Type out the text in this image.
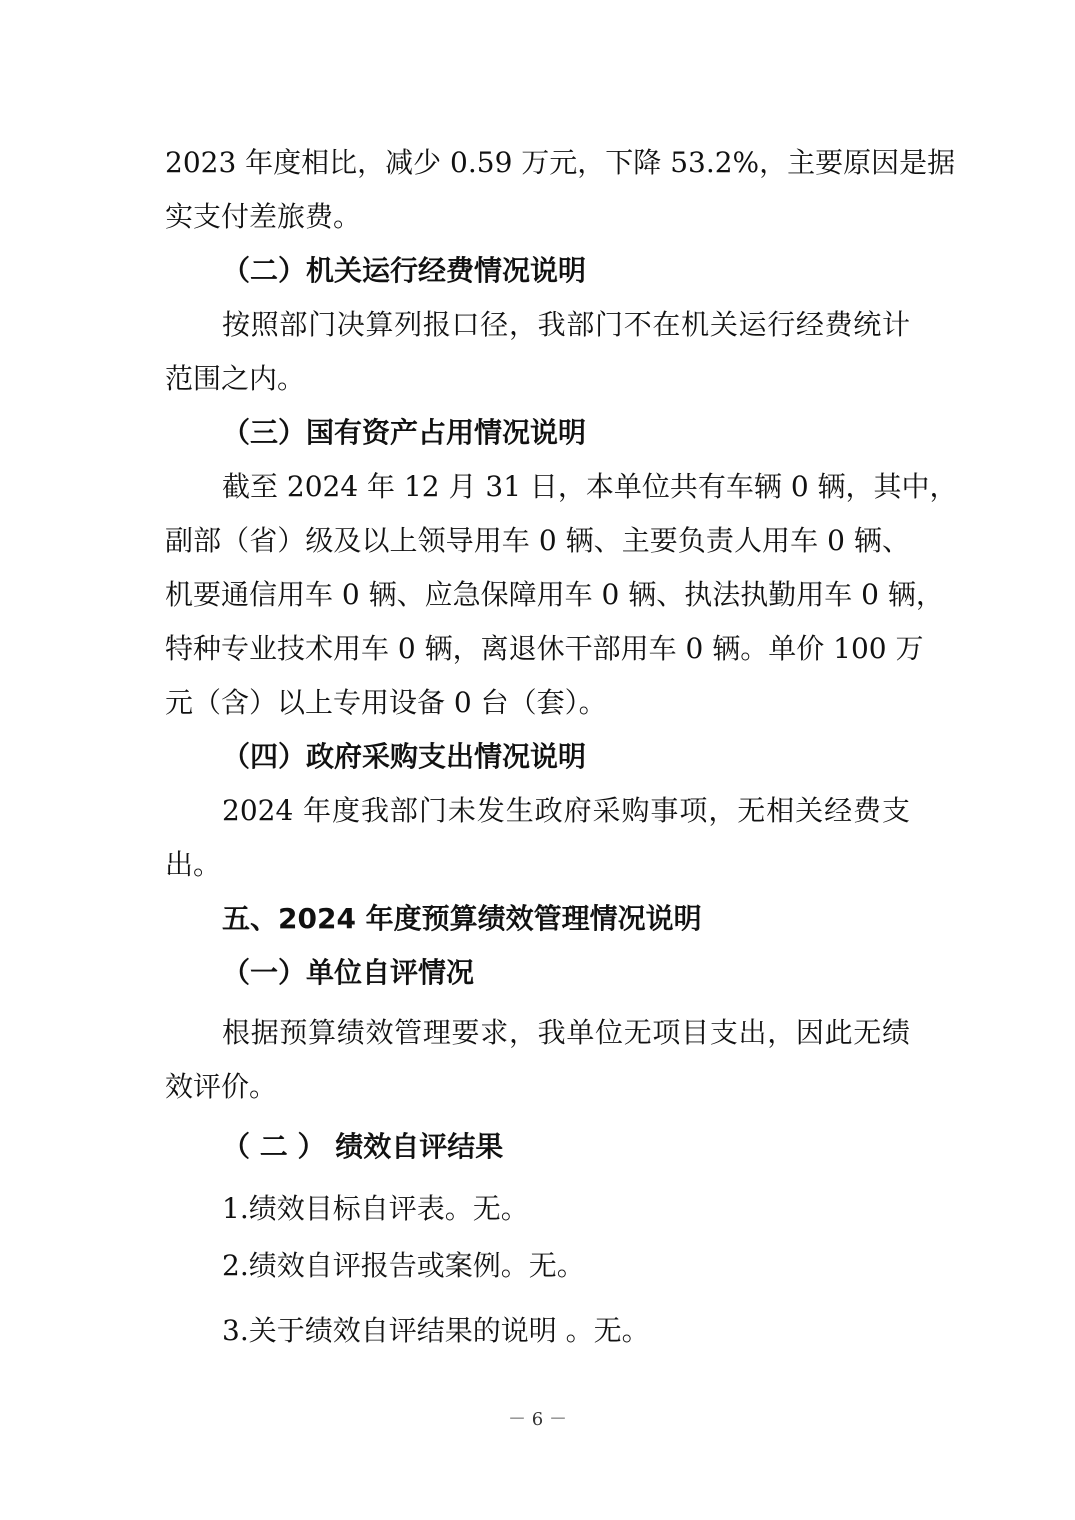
2023 年度相比，减少 0.59 万元，下降 53.2%，主要原因是据
实支付差旅费。
（二）机关运行经费情况说明
按照部门决算列报口径，我部门不在机关运行经费统计
范围之内。
（三）国有资产占用情况说明
截至 2024 年 12 月 31 日，本单位共有车辆 0 辆，其中，
副部（省）级及以上领导用车 0 辆、主要负责人用车 0 辆、
机要通信用车 0 辆、应急保障用车 0 辆、执法执勤用车 0 辆，
特种专业技术用车 0 辆，离退休干部用车 0 辆。单价 100 万
元（含）以上专用设备 0 台（套）。
（四）政府采购支出情况说明
2024 年度我部门未发生政府采购事项，无相关经费支
出。
五、2024 年度预算绩效管理情况说明
（一）单位自评情况
根据预算绩效管理要求，我单位无项目支出，因此无绩
效评价。
（ 二 ） 绩效自评结果
1.绩效目标自评表。无。
2.绩效自评报告或案例。无。
3.关于绩效自评结果的说明 。无。
－ 6 －
